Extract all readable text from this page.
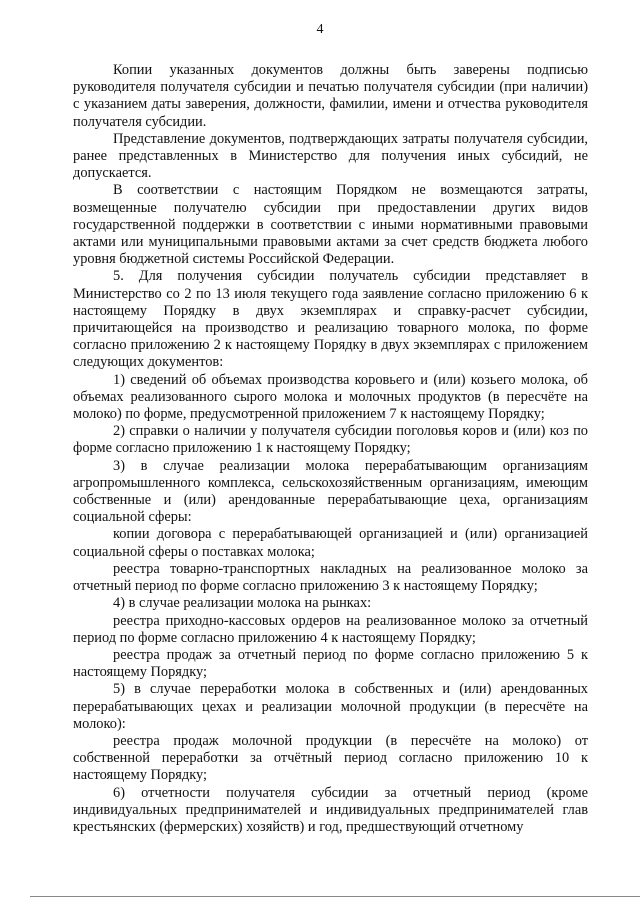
4

Копии указанных документов должны быть заверены подписью руководителя получателя субсидии и печатью получателя субсидии (при наличии) с указанием даты заверения, должности, фамилии, имени и отчества руководителя получателя субсидии.

Представление документов, подтверждающих затраты получателя субсидии, ранее представленных в Министерство для получения иных субсидий, не допускается.

В соответствии с настоящим Порядком не возмещаются затраты, возмещенные получателю субсидии при предоставлении других видов государственной поддержки в соответствии с иными нормативными правовыми актами или муниципальными правовыми актами за счет средств бюджета любого уровня бюджетной системы Российской Федерации.

5. Для получения субсидии получатель субсидии представляет в Министерство со 2 по 13 июля текущего года заявление согласно приложению 6 к настоящему Порядку в двух экземплярах и справку-расчет субсидии, причитающейся на производство и реализацию товарного молока, по форме согласно приложению 2 к настоящему Порядку в двух экземплярах с приложением следующих документов:

1) сведений об объемах производства коровьего и (или) козьего молока, об объемах реализованного сырого молока и молочных продуктов (в пересчёте на молоко) по форме, предусмотренной приложением 7 к настоящему Порядку;

2) справки о наличии у получателя субсидии поголовья коров и (или) коз по форме согласно приложению 1 к настоящему Порядку;

3) в случае реализации молока перерабатывающим организациям агропромышленного комплекса, сельскохозяйственным организациям, имеющим собственные и (или) арендованные перерабатывающие цеха, организациям социальной сферы:

копии договора с перерабатывающей организацией и (или) организацией социальной сферы о поставках молока;

реестра товарно-транспортных накладных на реализованное молоко за отчетный период по форме согласно приложению 3 к настоящему Порядку;

4) в случае реализации молока на рынках:

реестра приходно-кассовых ордеров на реализованное молоко за отчетный период по форме согласно приложению 4 к настоящему Порядку;

реестра продаж за отчетный период по форме согласно приложению 5 к настоящему Порядку;

5) в случае переработки молока в собственных и (или) арендованных перерабатывающих цехах и реализации молочной продукции (в пересчёте на молоко):

реестра продаж молочной продукции (в пересчёте на молоко) от собственной переработки за отчётный период согласно приложению 10 к настоящему Порядку;

6) отчетности получателя субсидии за отчетный период (кроме индивидуальных предпринимателей и индивидуальных предпринимателей глав крестьянских (фермерских) хозяйств) и год, предшествующий отчетному
